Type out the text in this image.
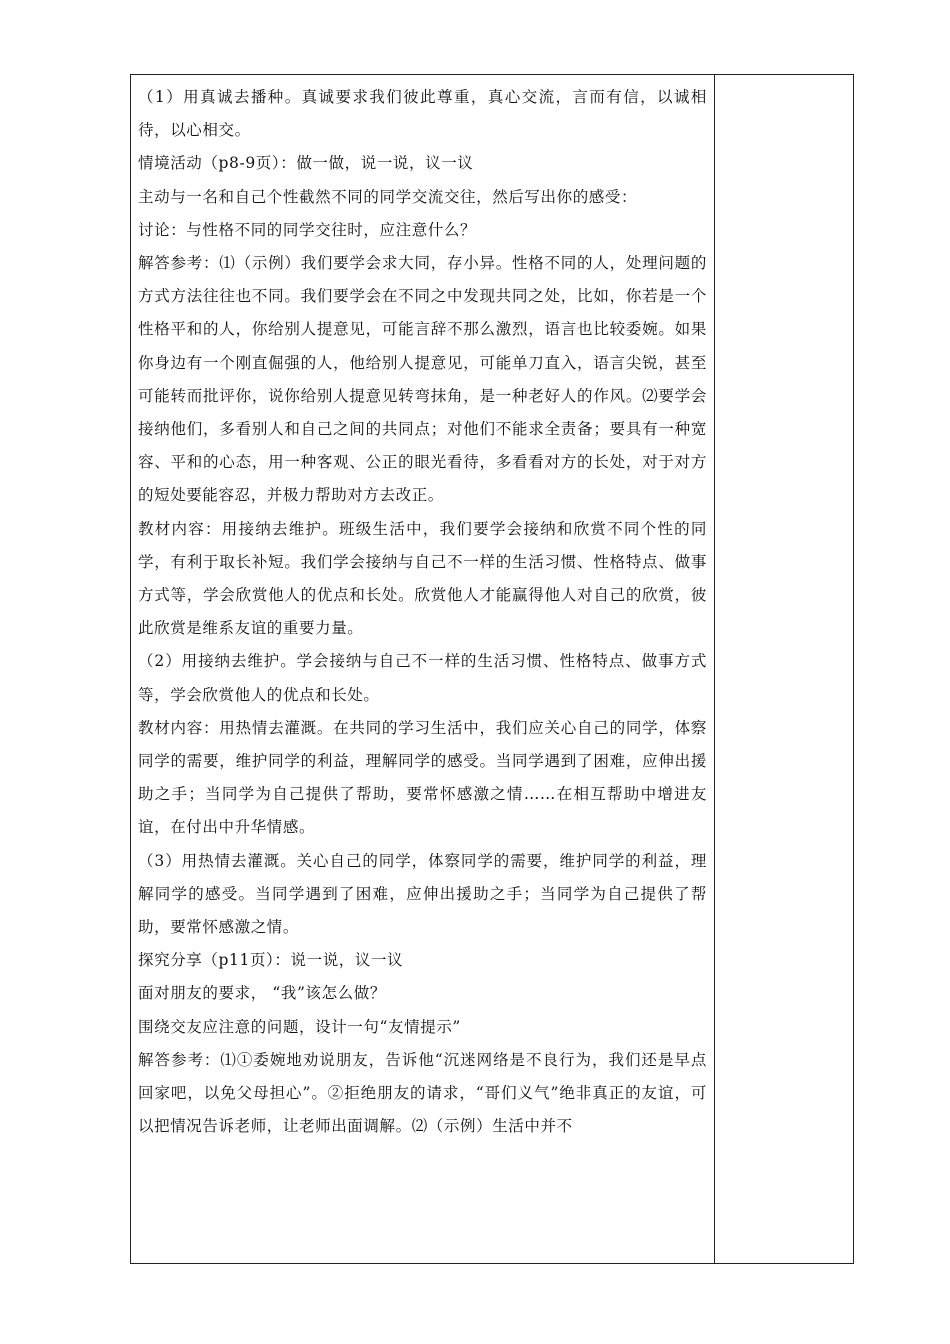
（1）用真诚去播种。真诚要求我们彼此尊重，真心交流，言而有信，以诚相待，以心相交。

情境活动（p8-9页）：做一做，说一说，议一议

主动与一名和自己个性截然不同的同学交流交往，然后写出你的感受：

讨论：与性格不同的同学交往时，应注意什么？

解答参考：⑴（示例）我们要学会求大同，存小异。性格不同的人，处理问题的方式方法往往也不同。我们要学会在不同之中发现共同之处，比如，你若是一个性格平和的人，你给别人提意见，可能言辞不那么激烈，语言也比较委婉。如果你身边有一个刚直倔强的人，他给别人提意见，可能单刀直入，语言尖锐，甚至可能转而批评你，说你给别人提意见转弯抹角，是一种老好人的作风。⑵要学会接纳他们，多看别人和自己之间的共同点；对他们不能求全责备；要具有一种宽容、平和的心态，用一种客观、公正的眼光看待，多看看对方的长处，对于对方的短处要能容忍，并极力帮助对方去改正。

教材内容：用接纳去维护。班级生活中，我们要学会接纳和欣赏不同个性的同学，有利于取长补短。我们学会接纳与自己不一样的生活习惯、性格特点、做事方式等，学会欣赏他人的优点和长处。欣赏他人才能赢得他人对自己的欣赏，彼此欣赏是维系友谊的重要力量。

（2）用接纳去维护。学会接纳与自己不一样的生活习惯、性格特点、做事方式等，学会欣赏他人的优点和长处。

教材内容：用热情去灌溉。在共同的学习生活中，我们应关心自己的同学，体察同学的需要，维护同学的利益，理解同学的感受。当同学遇到了困难，应伸出援助之手；当同学为自己提供了帮助，要常怀感激之情……在相互帮助中增进友谊，在付出中升华情感。

（3）用热情去灌溉。关心自己的同学，体察同学的需要，维护同学的利益，理解同学的感受。当同学遇到了困难，应伸出援助之手；当同学为自己提供了帮助，要常怀感激之情。

探究分享（p11页）：说一说，议一议

面对朋友的要求， “我”该怎么做？

围绕交友应注意的问题，设计一句“友情提示”

解答参考：⑴①委婉地劝说朋友，告诉他“沉迷网络是不良行为，我们还是早点回家吧，以免父母担心”。②拒绝朋友的请求，“哥们义气”绝非真正的友谊，可以把情况告诉老师，让老师出面调解。⑵（示例）生活中并不
